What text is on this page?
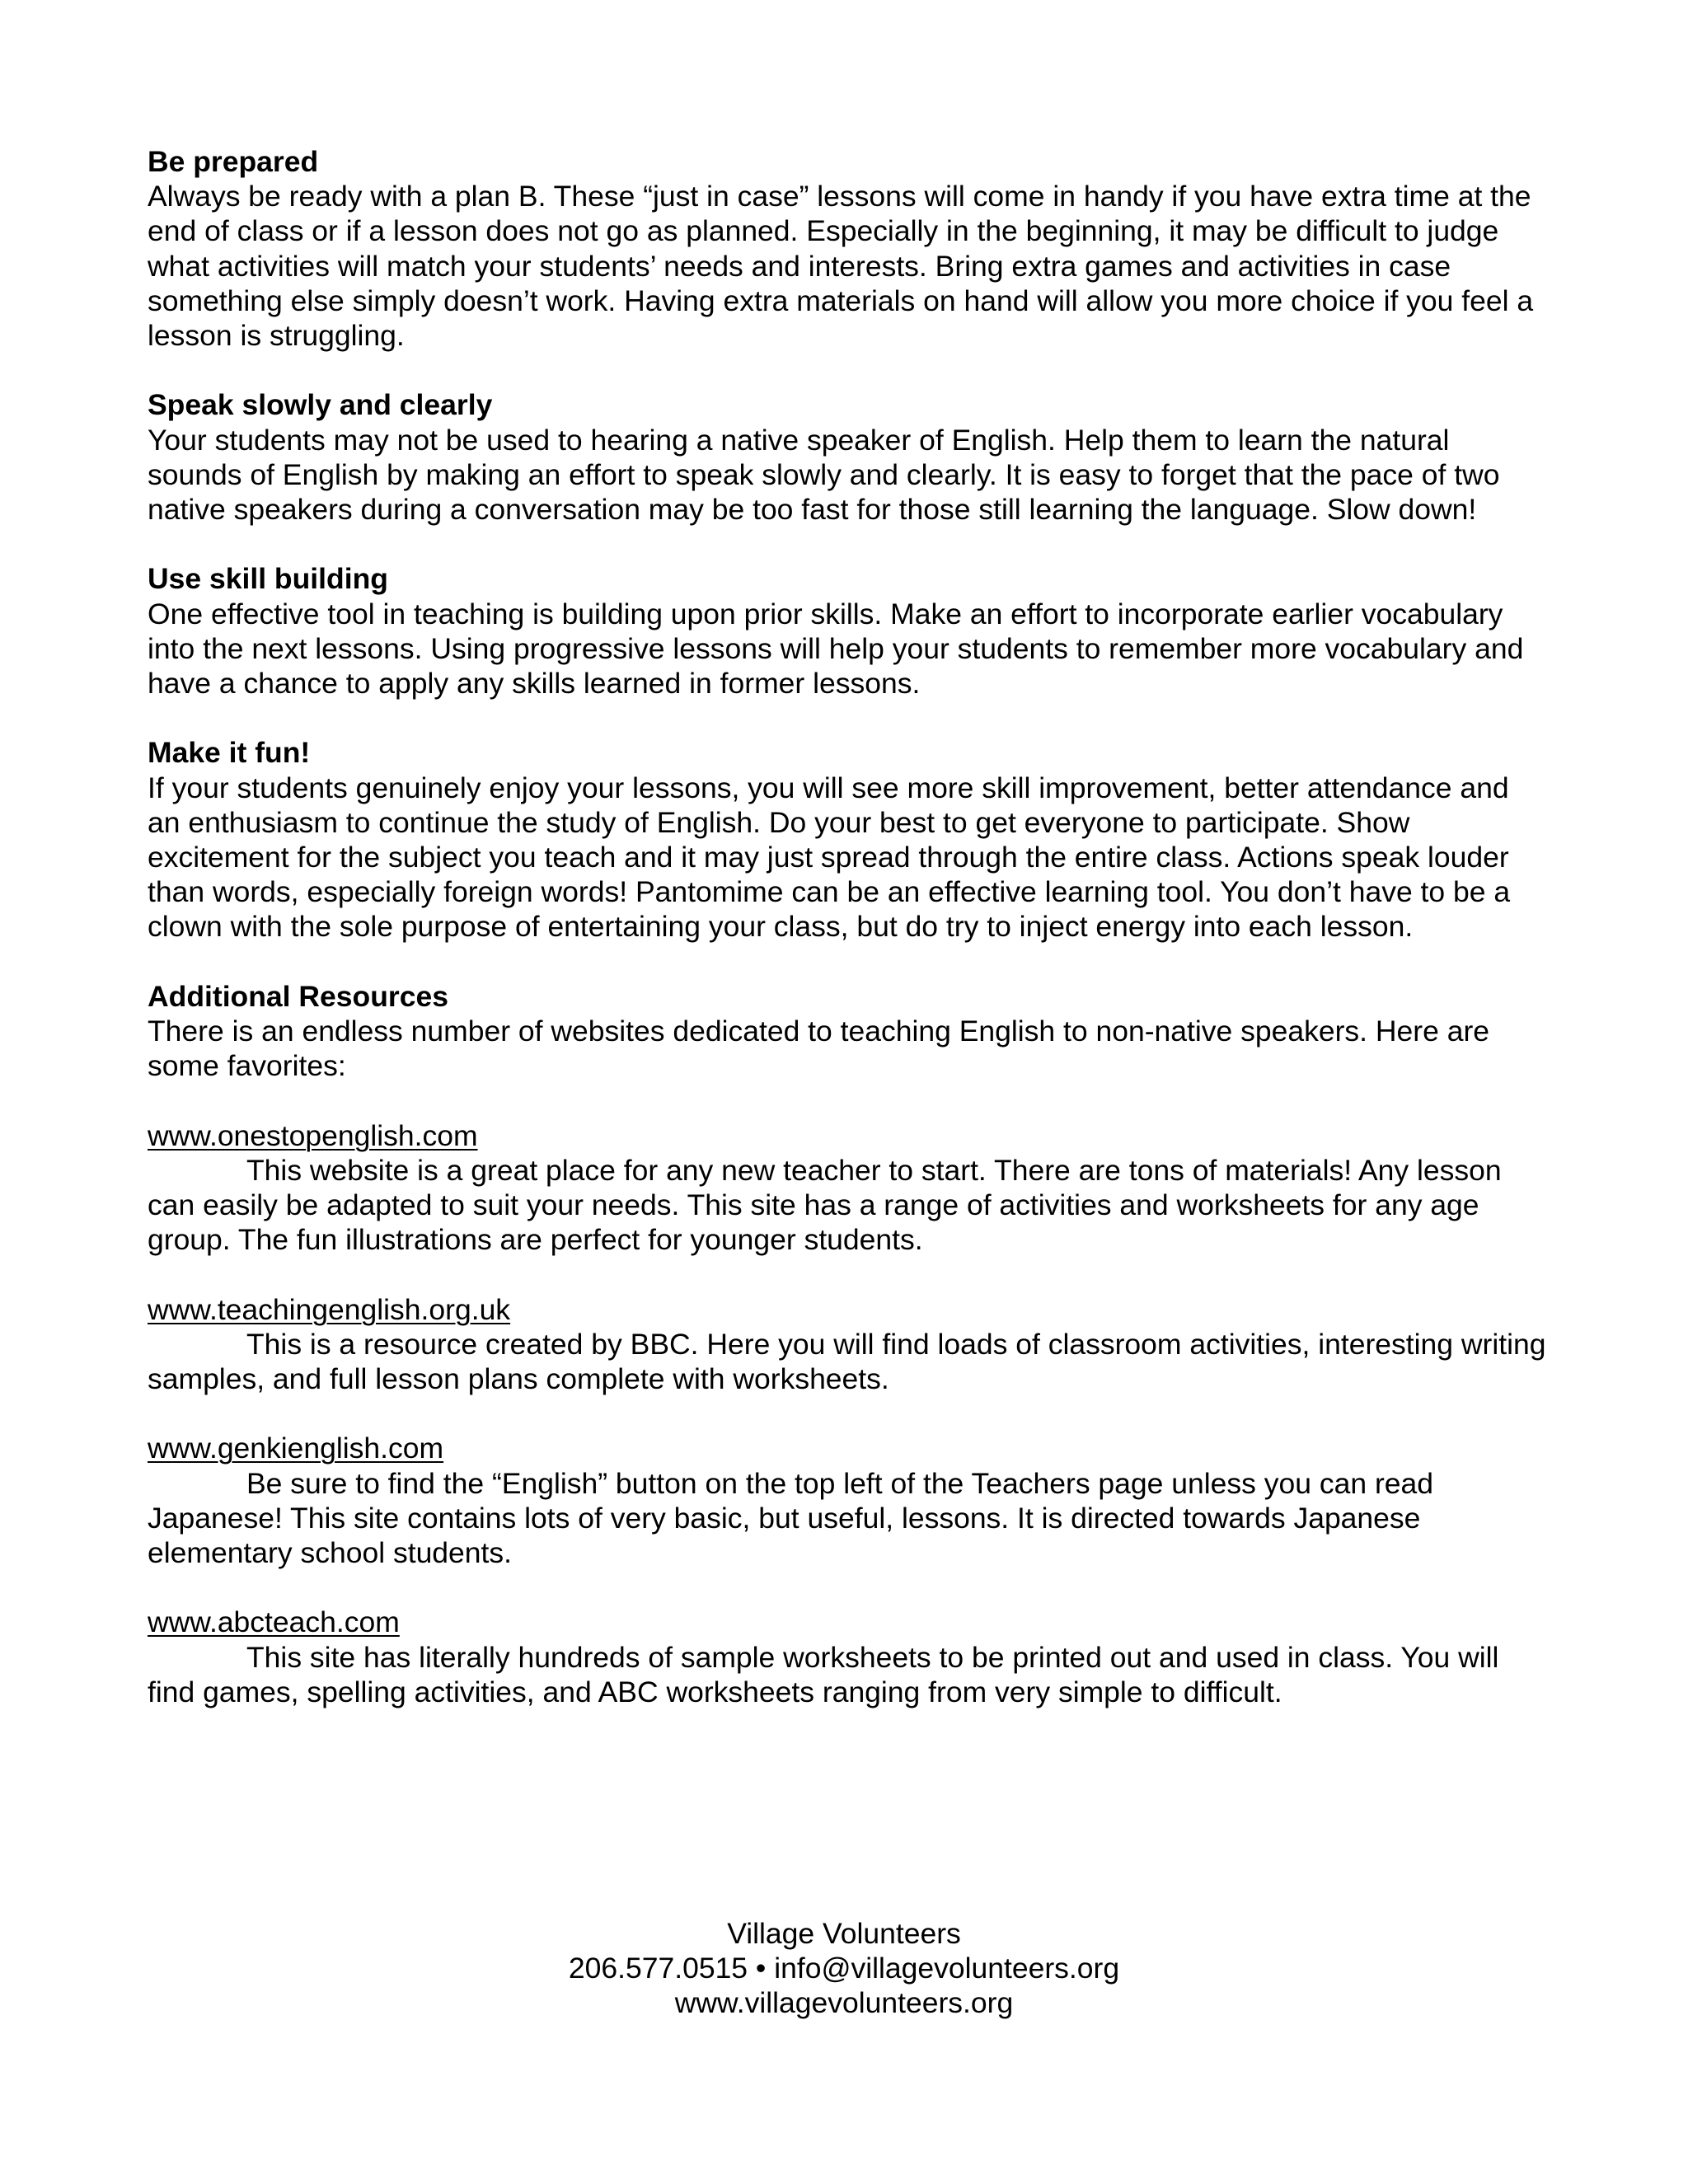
Be prepared
Always be ready with a plan B. These “just in case” lessons will come in handy if you have extra time at the end of class or if a lesson does not go as planned. Especially in the beginning, it may be difficult to judge what activities will match your students’ needs and interests. Bring extra games and activities in case something else simply doesn’t work. Having extra materials on hand will allow you more choice if you feel a lesson is struggling.
Speak slowly and clearly
Your students may not be used to hearing a native speaker of English. Help them to learn the natural sounds of English by making an effort to speak slowly and clearly. It is easy to forget that the pace of two native speakers during a conversation may be too fast for those still learning the language. Slow down!
Use skill building
One effective tool in teaching is building upon prior skills. Make an effort to incorporate earlier vocabulary into the next lessons. Using progressive lessons will help your students to remember more vocabulary and have a chance to apply any skills learned in former lessons.
Make it fun!
If your students genuinely enjoy your lessons, you will see more skill improvement, better attendance and an enthusiasm to continue the study of English. Do your best to get everyone to participate. Show excitement for the subject you teach and it may just spread through the entire class. Actions speak louder than words, especially foreign words! Pantomime can be an effective learning tool. You don’t have to be a clown with the sole purpose of entertaining your class, but do try to inject energy into each lesson.
Additional Resources
There is an endless number of websites dedicated to teaching English to non-native speakers. Here are some favorites:
www.onestopenglish.com
This website is a great place for any new teacher to start. There are tons of materials! Any lesson can easily be adapted to suit your needs. This site has a range of activities and worksheets for any age group. The fun illustrations are perfect for younger students.
www.teachingenglish.org.uk
This is a resource created by BBC. Here you will find loads of classroom activities, interesting writing samples, and full lesson plans complete with worksheets.
www.genkienglish.com
Be sure to find the “English” button on the top left of the Teachers page unless you can read Japanese! This site contains lots of very basic, but useful, lessons. It is directed towards Japanese elementary school students.
www.abcteach.com
This site has literally hundreds of sample worksheets to be printed out and used in class. You will find games, spelling activities, and ABC worksheets ranging from very simple to difficult.
Village Volunteers
206.577.0515 • info@villagevolunteers.org
www.villagevolunteers.org
